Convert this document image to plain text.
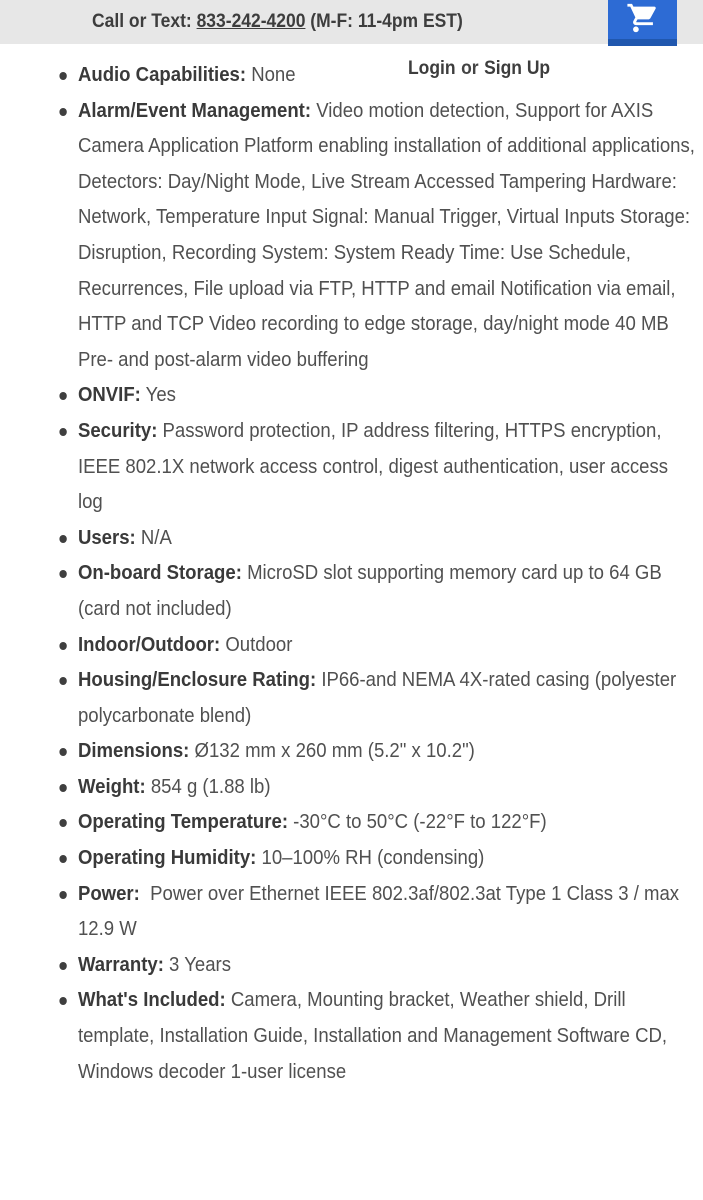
Call or Text: 833-242-4200 (M-F: 11-4pm EST)
Login or Sign Up
Audio Capabilities: None
Alarm/Event Management: Video motion detection, Support for AXIS Camera Application Platform enabling installation of additional applications, Detectors: Day/Night Mode, Live Stream Accessed Tampering Hardware: Network, Temperature Input Signal: Manual Trigger, Virtual Inputs Storage: Disruption, Recording System: System Ready Time: Use Schedule, Recurrences, File upload via FTP, HTTP and email Notification via email, HTTP and TCP Video recording to edge storage, day/night mode 40 MB Pre- and post-alarm video buffering
ONVIF: Yes
Security: Password protection, IP address filtering, HTTPS encryption, IEEE 802.1X network access control, digest authentication, user access log
Users: N/A
On-board Storage: MicroSD slot supporting memory card up to 64 GB (card not included)
Indoor/Outdoor: Outdoor
Housing/Enclosure Rating: IP66-and NEMA 4X-rated casing (polyester polycarbonate blend)
Dimensions: Ø132 mm x 260 mm (5.2" x 10.2")
Weight: 854 g (1.88 lb)
Operating Temperature: -30°C to 50°C (-22°F to 122°F)
Operating Humidity: 10–100% RH (condensing)
Power:  Power over Ethernet IEEE 802.3af/802.3at Type 1 Class 3 / max 12.9 W
Warranty: 3 Years
What's Included: Camera, Mounting bracket, Weather shield, Drill template, Installation Guide, Installation and Management Software CD, Windows decoder 1-user license
